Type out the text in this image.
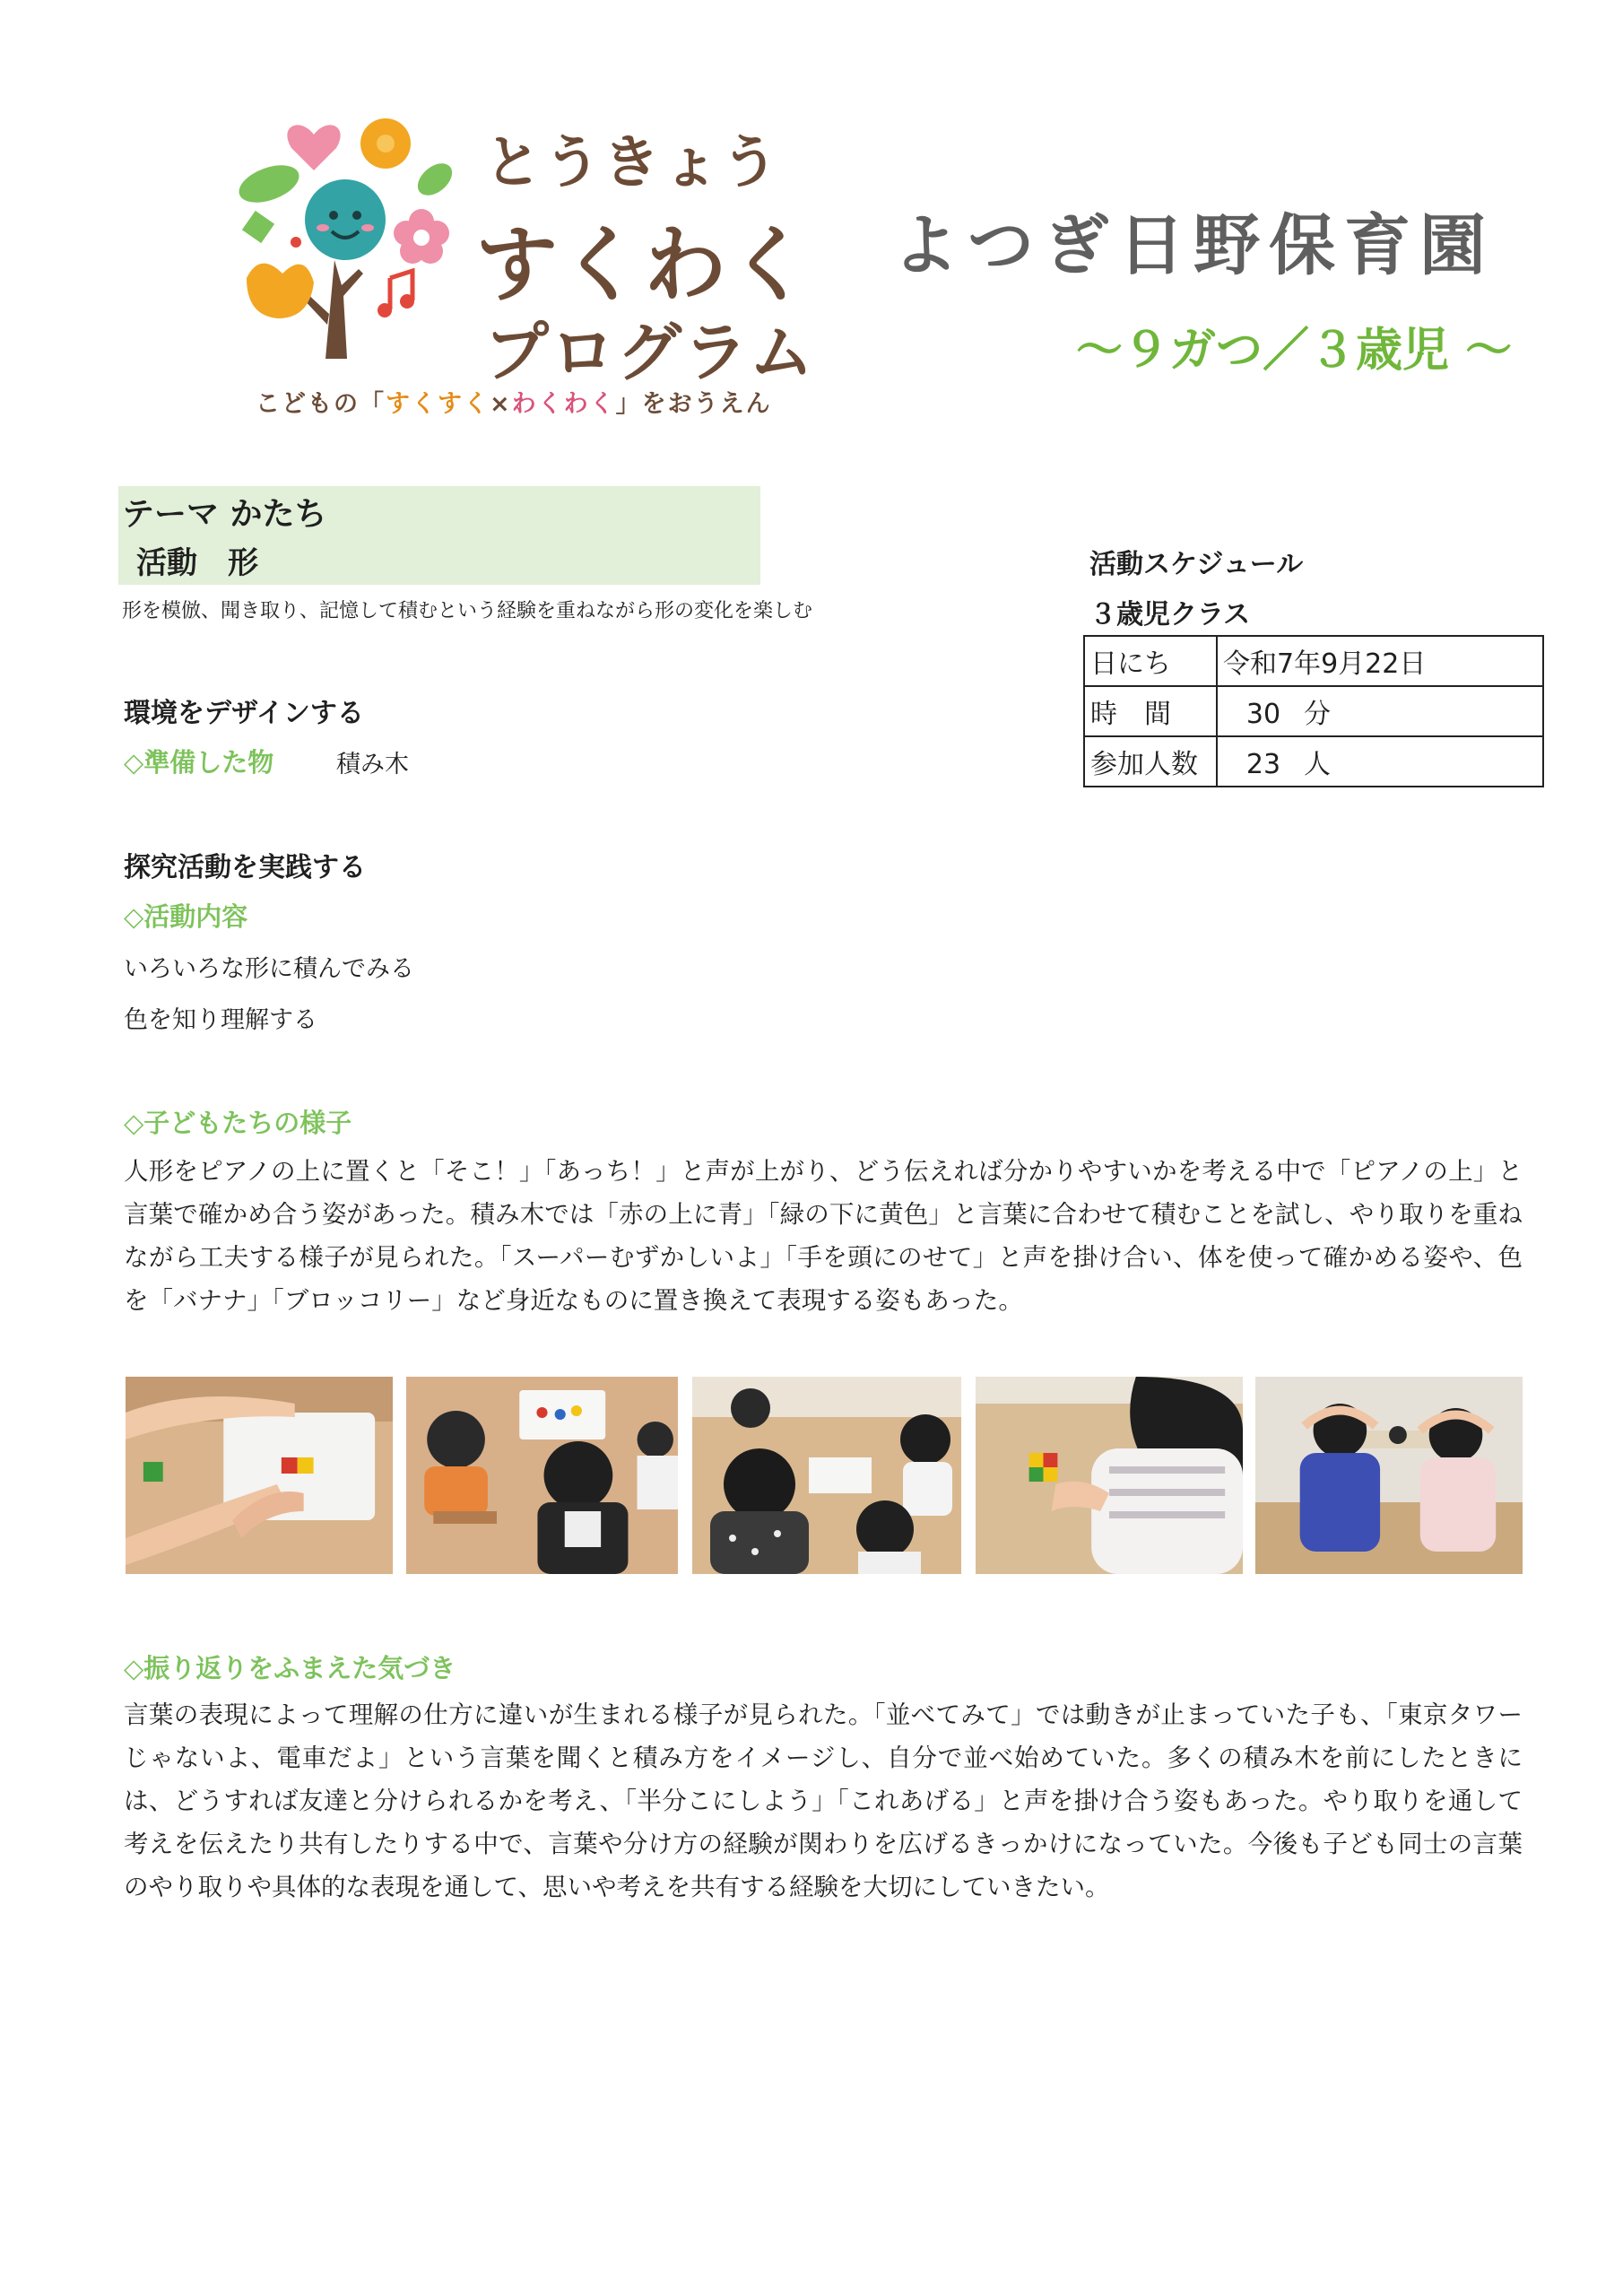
とうきょう
すくわく
プログラム
こどもの「すくすく×わくわく」をおうえん
よつぎ日野保育園
～９ガつ／３歳児 ～
テーマ かたち
活動　形
形を模倣、聞き取り、記憶して積むという経験を重ねながら形の変化を楽しむ
活動スケジュール
３歳児クラス
日にち	令和7年9月22日
時　間	30 分
参加人数	23 人
環境をデザインする
◇準備した物	積み木
探究活動を実践する
◇活動内容
いろいろな形に積んでみる
色を知り理解する
◇子どもたちの様子
人形をピアノの上に置くと「そこ！」「あっち！」と声が上がり、どう伝えれば分かりやすいかを考える中で「ピアノの上」と言葉で確かめ合う姿があった。積み木では「赤の上に青」「緑の下に黄色」と言葉に合わせて積むことを試し、やり取りを重ねながら工夫する様子が見られた。「スーパーむずかしいよ」「手を頭にのせて」と声を掛け合い、体を使って確かめる姿や、色を「バナナ」「ブロッコリー」など身近なものに置き換えて表現する姿もあった。
◇振り返りをふまえた気づき
言葉の表現によって理解の仕方に違いが生まれる様子が見られた。「並べてみて」では動きが止まっていた子も、「東京タワーじゃないよ、電車だよ」という言葉を聞くと積み方をイメージし、自分で並べ始めていた。多くの積み木を前にしたときには、どうすれば友達と分けられるかを考え、「半分こにしよう」「これあげる」と声を掛け合う姿もあった。やり取りを通して考えを伝えたり共有したりする中で、言葉や分け方の経験が関わりを広げるきっかけになっていた。今後も子ども同士の言葉のやり取りや具体的な表現を通して、思いや考えを共有する経験を大切にしていきたい。
